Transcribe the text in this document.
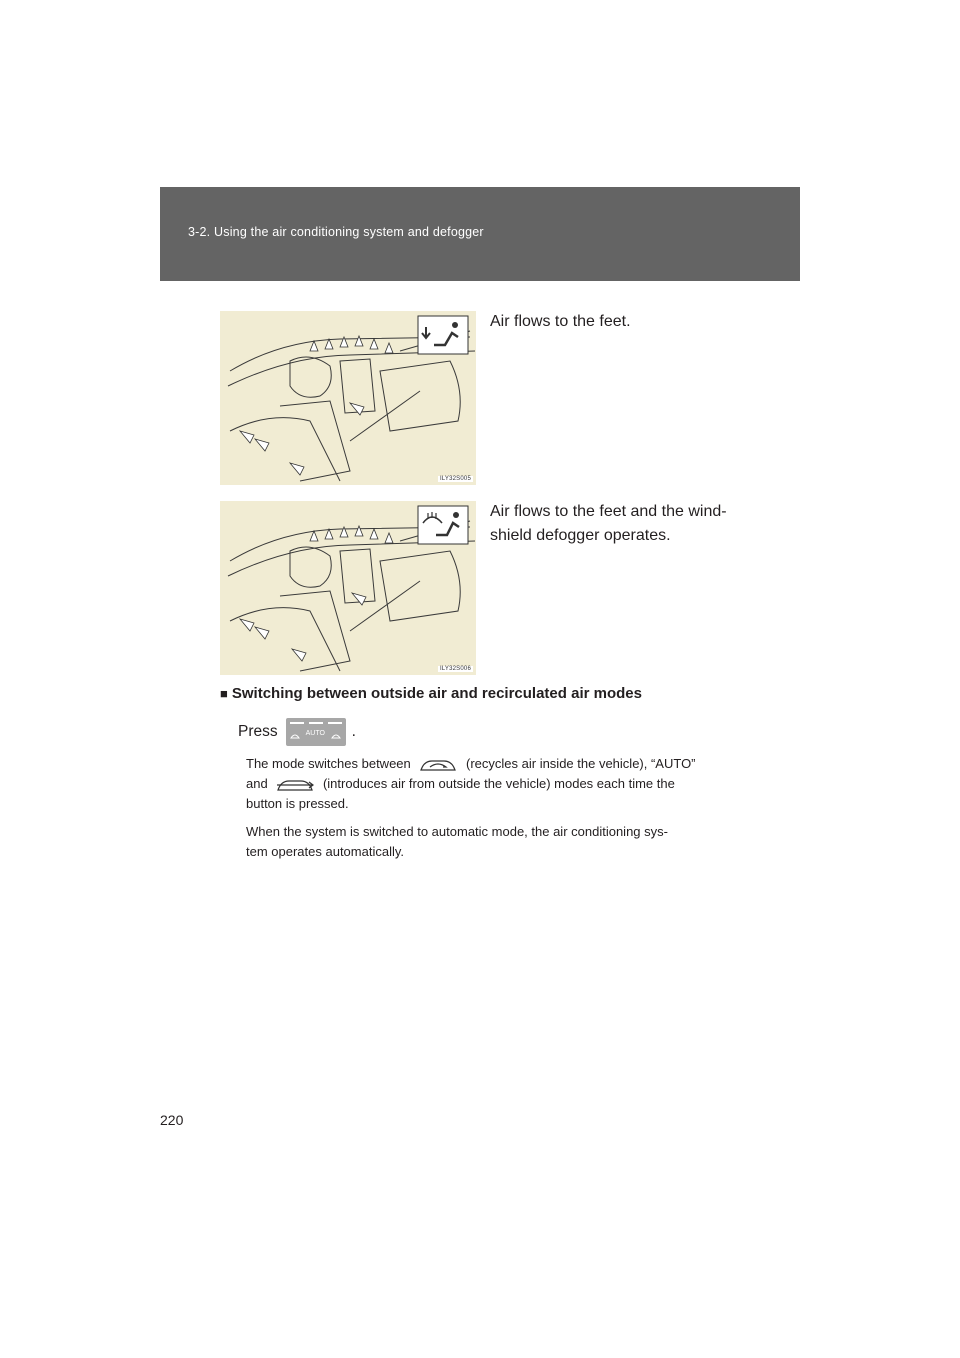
3-2. Using the air conditioning system and defogger
ILY32S005
Air flows to the feet.
ILY32S006
Air flows to the feet and the wind-
shield defogger operates.
■ Switching between outside air and recirculated air modes
Press	AUTO .
The mode switches between	(recycles air inside the vehicle), “AUTO”
and	(introduces air from outside the vehicle) modes each time the
button is pressed.
When the system is switched to automatic mode, the air conditioning sys-
tem operates automatically.
220
